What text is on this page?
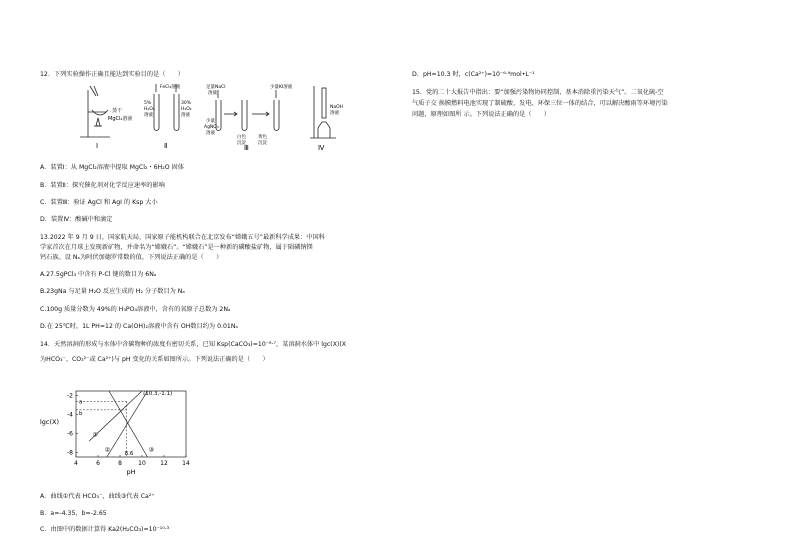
12．下列实验操作正确且能达到实验目的是（　　）
蒸干
MgCl₂溶液
Ⅰ
FeCl₃溶液
5%
H₂O₂
溶液
30%
H₂O₂
溶液
Ⅱ
足量NaCl
溶液
少量KI溶液
少量
AgNO₃
溶液
白色
沉淀
黄色
沉淀
Ⅲ
NaOH
溶液
Ⅳ
A．装置Ⅰ：从 MgCl₂溶液中提取 MgCl₂・6H₂O 固体
B．装置Ⅱ：探究催化剂对化学反应速率的影响
C．装置Ⅲ：验证 AgCl 和 AgI 的 Ksp 大小
D．装置Ⅳ：酸碱中和滴定
13.2022 年 9 月 9 日，国家航天局、国家原子能机构联合在北京发布“嫦娥五号”最新科学成果：中国科
学家首次在月球上发现新矿物，并命名为“嫦娥石”。“嫦娥石”是一种新的磷酸盐矿物，属于陨磷钠镁
钙石族。设 Nₐ为阿伏加德罗常数的值，下列说法正确的是（　　）
A.27.5gPCl₃ 中含有 P-Cl 键的数目为 6Nₐ
B.23gNa 与足量 H₂O 反应生成的 H₂ 分子数目为 Nₐ
C.100g 质量分数为 49%的 H₃PO₄溶液中，含有的氧原子总数为 2Nₐ
D.在 25℃时，1L PH=12 的 Ca(OH)₂溶液中含有 OH数目约为 0.01Nₐ
14．天然溶洞的形成与水体中含碳物种的浓度有密切关系，已知 Ksp(CaCO₃)=10⁻⁸·⁷，某溶洞水体中 lgc(X)(X
为HCO₃⁻、CO₃²⁻或 Ca²⁺)与 pH 变化的关系如图所示。下列说法正确的是（　　）
4	6	8	10 12 14
-2
-4
-6
-8
pH
lgc(X)
(10.3,-1.1)
a
b
8.6
①
②	③
A．曲线①代表 HCO₃⁻，曲线③代表 Ca²⁺
B．a=-4.35，b=-2.65
C．由图中的数据计算得 Ka2(H₂CO₃)=10⁻¹⁰·³
D．pH=10.3 时，c(Ca²⁺)=10⁻⁶·⁹mol•L⁻¹
15．党的二十大报告中指出：要“加强污染物协同控制，基本消除重污染天气”。二氧化硫-空
气质子交 换膜燃料电池实现了制硫酸、发电、环保三位一体的结合，可以解决酸雨等环境污染
问题，原理如图所 示。下列说法正确的是（　　）
